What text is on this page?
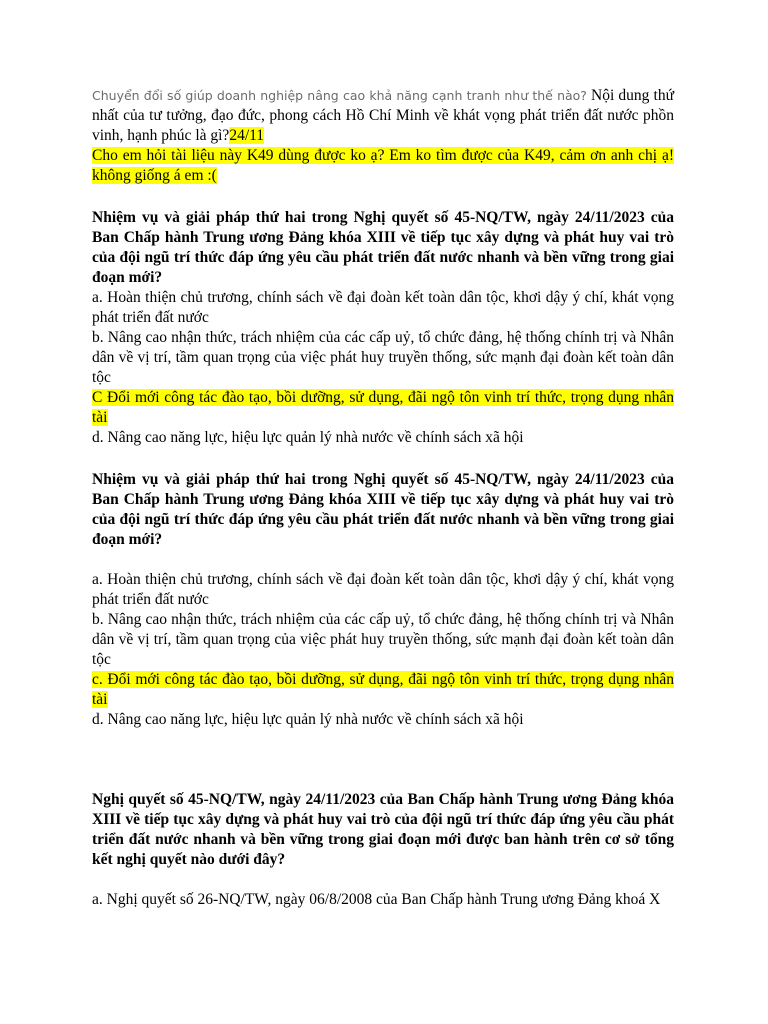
Chuyển đổi số giúp doanh nghiệp nâng cao khả năng cạnh tranh như thế nào? Nội dung thứ nhất của tư tưởng, đạo đức, phong cách Hồ Chí Minh về khát vọng phát triển đất nước phồn vinh, hạnh phúc là gì?24/11

Cho em hỏi tài liệu này K49 dùng được ko ạ? Em ko tìm được của K49, cảm ơn anh chị ạ! không giống á em :(

Nhiệm vụ và giải pháp thứ hai trong Nghị quyết số 45-NQ/TW, ngày 24/11/2023 của Ban Chấp hành Trung ương Đảng khóa XIII về tiếp tục xây dựng và phát huy vai trò của đội ngũ trí thức đáp ứng yêu cầu phát triển đất nước nhanh và bền vững trong giai đoạn mới?

a. Hoàn thiện chủ trương, chính sách về đại đoàn kết toàn dân tộc, khơi dậy ý chí, khát vọng phát triển đất nước

b. Nâng cao nhận thức, trách nhiệm của các cấp uỷ, tổ chức đảng, hệ thống chính trị và Nhân dân về vị trí, tầm quan trọng của việc phát huy truyền thống, sức mạnh đại đoàn kết toàn dân tộc

C Đổi mới công tác đào tạo, bồi dưỡng, sử dụng, đãi ngộ tôn vinh trí thức, trọng dụng nhân tài

d. Nâng cao năng lực, hiệu lực quản lý nhà nước về chính sách xã hội

Nhiệm vụ và giải pháp thứ hai trong Nghị quyết số 45-NQ/TW, ngày 24/11/2023 của Ban Chấp hành Trung ương Đảng khóa XIII về tiếp tục xây dựng và phát huy vai trò của đội ngũ trí thức đáp ứng yêu cầu phát triển đất nước nhanh và bền vững trong giai đoạn mới?

a. Hoàn thiện chủ trương, chính sách về đại đoàn kết toàn dân tộc, khơi dậy ý chí, khát vọng phát triển đất nước

b. Nâng cao nhận thức, trách nhiệm của các cấp uỷ, tổ chức đảng, hệ thống chính trị và Nhân dân về vị trí, tầm quan trọng của việc phát huy truyền thống, sức mạnh đại đoàn kết toàn dân tộc

c. Đổi mới công tác đào tạo, bồi dưỡng, sử dụng, đãi ngộ tôn vinh trí thức, trọng dụng nhân tài

d. Nâng cao năng lực, hiệu lực quản lý nhà nước về chính sách xã hội

Nghị quyết số 45-NQ/TW, ngày 24/11/2023 của Ban Chấp hành Trung ương Đảng khóa XIII về tiếp tục xây dựng và phát huy vai trò của đội ngũ trí thức đáp ứng yêu cầu phát triển đất nước nhanh và bền vững trong giai đoạn mới được ban hành trên cơ sở tổng kết nghị quyết nào dưới đây?

a. Nghị quyết số 26-NQ/TW, ngày 06/8/2008 của Ban Chấp hành Trung ương Đảng khoá X
